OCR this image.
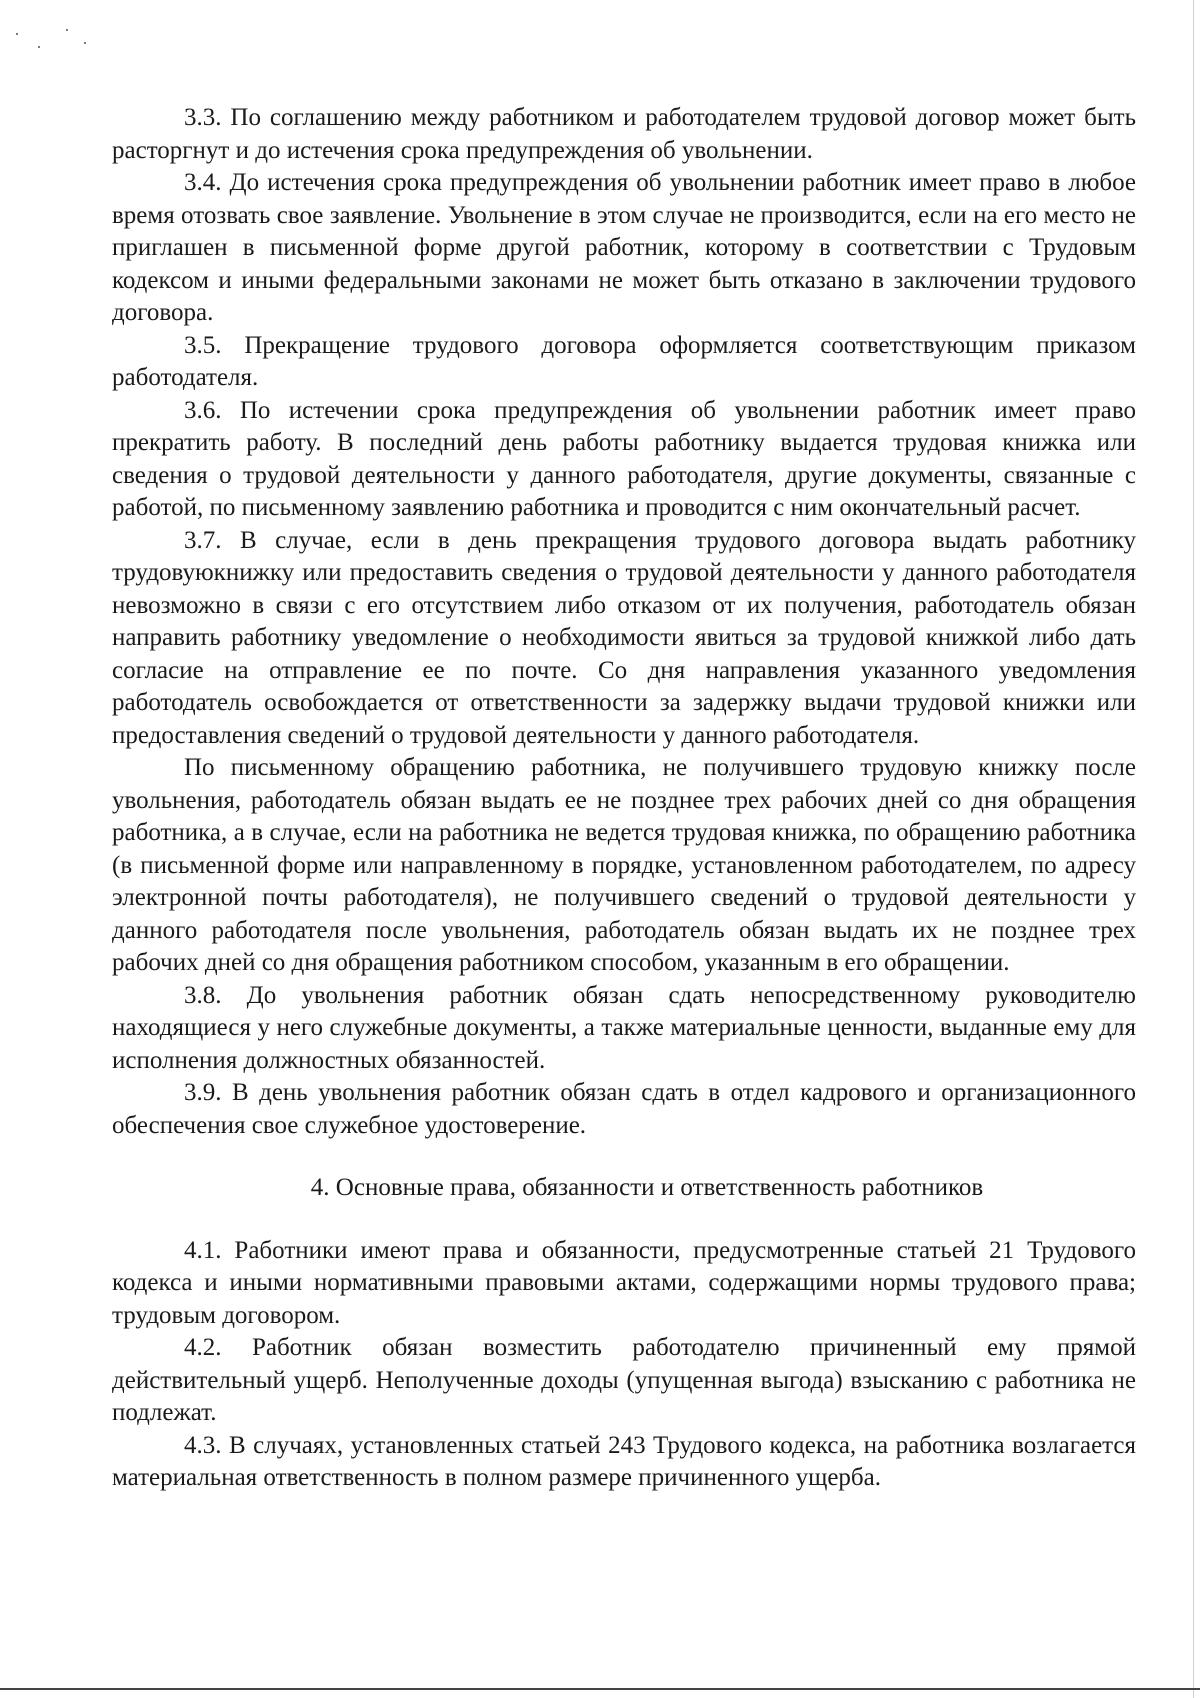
3.3. По соглашению между работником и работодателем трудовой договор может быть расторгнут и до истечения срока предупреждения об увольнении.

3.4. До истечения срока предупреждения об увольнении работник имеет право в любое время отозвать свое заявление. Увольнение в этом случае не производится, если на его место не приглашен в письменной форме другой работник, которому в соответствии с Трудовым кодексом и иными федеральными законами не может быть отказано в заключении трудового договора.

3.5. Прекращение трудового договора оформляется соответствующим приказом работодателя.

3.6. По истечении срока предупреждения об увольнении работник имеет право прекратить работу. В последний день работы работнику выдается трудовая книжка или сведения о трудовой деятельности у данного работодателя, другие документы, связанные с работой, по письменному заявлению работника и проводится с ним окончательный расчет.

3.7. В случае, если в день прекращения трудового договора выдать работнику трудовуюкнижку или предоставить сведения о трудовой деятельности у данного работодателя невозможно в связи с его отсутствием либо отказом от их получения, работодатель обязан направить работнику уведомление о необходимости явиться за трудовой книжкой либо дать согласие на отправление ее по почте. Со дня направления указанного уведомления работодатель освобождается от ответственности за задержку выдачи трудовой книжки или предоставления сведений о трудовой деятельности у данного работодателя.

По письменному обращению работника, не получившего трудовую книжку после увольнения, работодатель обязан выдать ее не позднее трех рабочих дней со дня обращения работника, а в случае, если на работника не ведется трудовая книжка, по обращению работника (в письменной форме или направленному в порядке, установленном работодателем, по адресу электронной почты работодателя), не получившего сведений о трудовой деятельности у данного работодателя после увольнения, работодатель обязан выдать их не позднее трех рабочих дней со дня обращения работником способом, указанным в его обращении.

3.8. До увольнения работник обязан сдать непосредственному руководителю находящиеся у него служебные документы, а также материальные ценности, выданные ему для исполнения должностных обязанностей.

3.9. В день увольнения работник обязан сдать в отдел кадрового и организационного обеспечения свое служебное удостоверение.

4. Основные права, обязанности и ответственность работников

4.1. Работники имеют права и обязанности, предусмотренные статьей 21 Трудового кодекса и иными нормативными правовыми актами, содержащими нормы трудового права; трудовым договором.

4.2. Работник обязан возместить работодателю причиненный ему прямой действительный ущерб. Неполученные доходы (упущенная выгода) взысканию с работника не подлежат.

4.3. В случаях, установленных статьей 243 Трудового кодекса, на работника возлагается материальная ответственность в полном размере причиненного ущерба.
